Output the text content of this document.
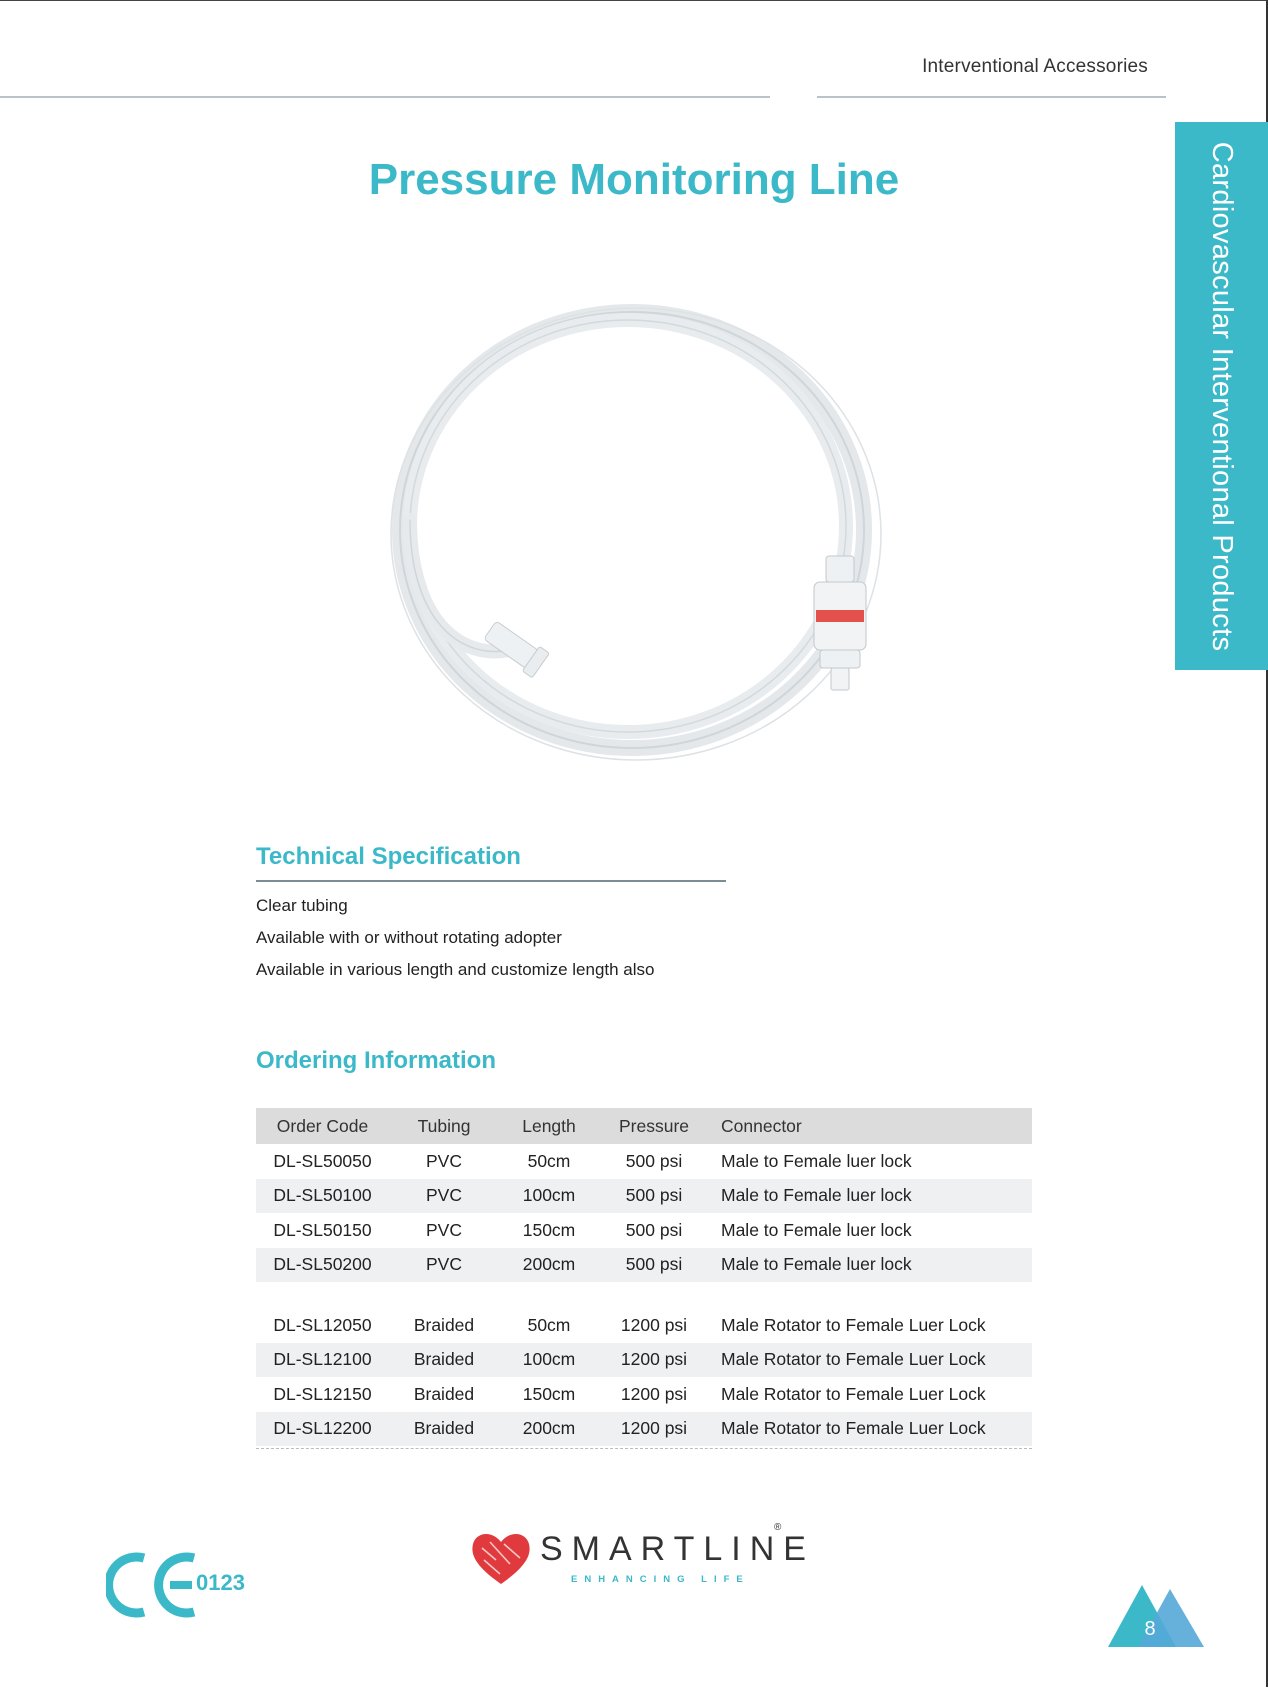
Interventional Accessories
Cardiovascular Interventional Products
Pressure Monitoring Line
Technical Specification
Clear tubing
Available with or without rotating adopter
Available in various length and customize length also
Ordering Information
Order Code	Tubing	Length	Pressure	Connector
DL-SL50050	PVC	50cm	500 psi	Male to Female luer lock
DL-SL50100	PVC	100cm	500 psi	Male to Female luer lock
DL-SL50150	PVC	150cm	500 psi	Male to Female luer lock
DL-SL50200	PVC	200cm	500 psi	Male to Female luer lock

DL-SL12050	Braided	50cm	1200 psi	Male Rotator to Female Luer Lock
DL-SL12100	Braided	100cm	1200 psi	Male Rotator to Female Luer Lock
DL-SL12150	Braided	150cm	1200 psi	Male Rotator to Female Luer Lock
DL-SL12200	Braided	200cm	1200 psi	Male Rotator to Female Luer Lock
0123
SMARTLINE
®
ENHANCING LIFE
8
